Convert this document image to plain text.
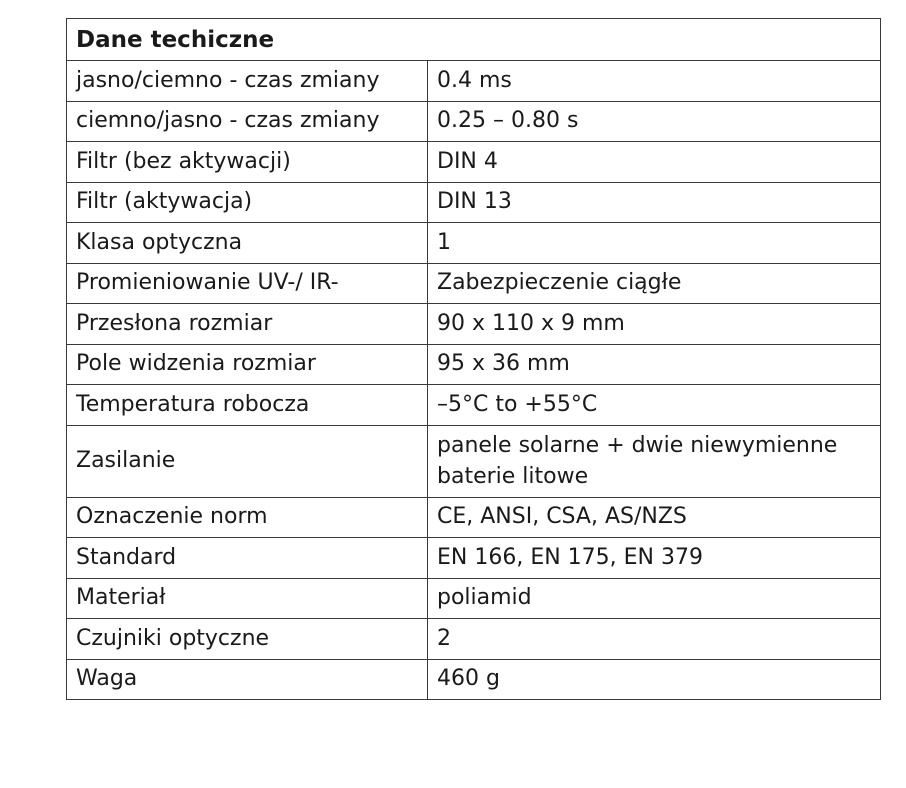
Dane techiczne	
jasno/ciemno - czas zmiany	0.4 ms
ciemno/jasno - czas zmiany	0.25 – 0.80 s
Filtr (bez aktywacji)	DIN 4
Filtr (aktywacja)	DIN 13
Klasa optyczna	1
Promieniowanie UV-/ IR-	Zabezpieczenie ciągłe
Przesłona rozmiar	90 x 110 x 9 mm
Pole widzenia rozmiar	95 x 36 mm
Temperatura robocza	–5°C to +55°C
Zasilanie	panele solarne + dwie niewymienne baterie litowe
Oznaczenie norm	CE, ANSI, CSA, AS/NZS
Standard	EN 166, EN 175, EN 379
Materiał	poliamid
Czujniki optyczne	2
Waga	460 g
